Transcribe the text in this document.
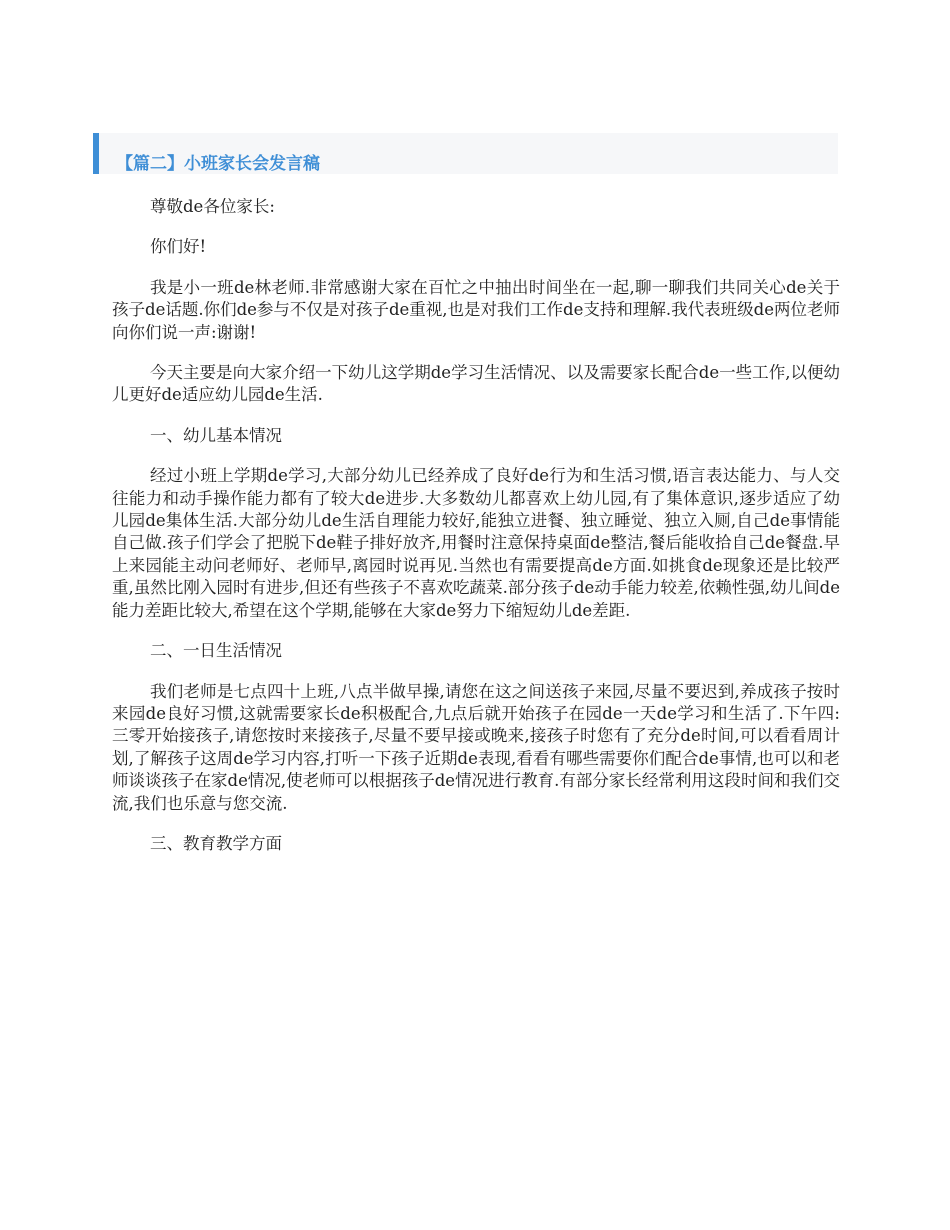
【篇二】小班家长会发言稿

尊敬de各位家长:

你们好!

我是小一班de林老师.非常感谢大家在百忙之中抽出时间坐在一起,聊一聊我们共同关心de关于孩子de话题.你们de参与不仅是对孩子de重视,也是对我们工作de支持和理解.我代表班级de两位老师向你们说一声:谢谢!

今天主要是向大家介绍一下幼儿这学期de学习生活情况、以及需要家长配合de一些工作,以便幼儿更好de适应幼儿园de生活.

一、幼儿基本情况

经过小班上学期de学习,大部分幼儿已经养成了良好de行为和生活习惯,语言表达能力、与人交往能力和动手操作能力都有了较大de进步.大多数幼儿都喜欢上幼儿园,有了集体意识,逐步适应了幼儿园de集体生活.大部分幼儿de生活自理能力较好,能独立进餐、独立睡觉、独立入厕,自己de事情能自己做.孩子们学会了把脱下de鞋子排好放齐,用餐时注意保持桌面de整洁,餐后能收拾自己de餐盘.早上来园能主动问老师好、老师早,离园时说再见.当然也有需要提高de方面.如挑食de现象还是比较严重,虽然比刚入园时有进步,但还有些孩子不喜欢吃蔬菜.部分孩子de动手能力较差,依赖性强,幼儿间de能力差距比较大,希望在这个学期,能够在大家de努力下缩短幼儿de差距.

二、一日生活情况

我们老师是七点四十上班,八点半做早操,请您在这之间送孩子来园,尽量不要迟到,养成孩子按时来园de良好习惯,这就需要家长de积极配合,九点后就开始孩子在园de一天de学习和生活了.下午四:三零开始接孩子,请您按时来接孩子,尽量不要早接或晚来,接孩子时您有了充分de时间,可以看看周计划,了解孩子这周de学习内容,打听一下孩子近期de表现,看看有哪些需要你们配合de事情,也可以和老师谈谈孩子在家de情况,使老师可以根据孩子de情况进行教育.有部分家长经常利用这段时间和我们交流,我们也乐意与您交流.

三、教育教学方面
